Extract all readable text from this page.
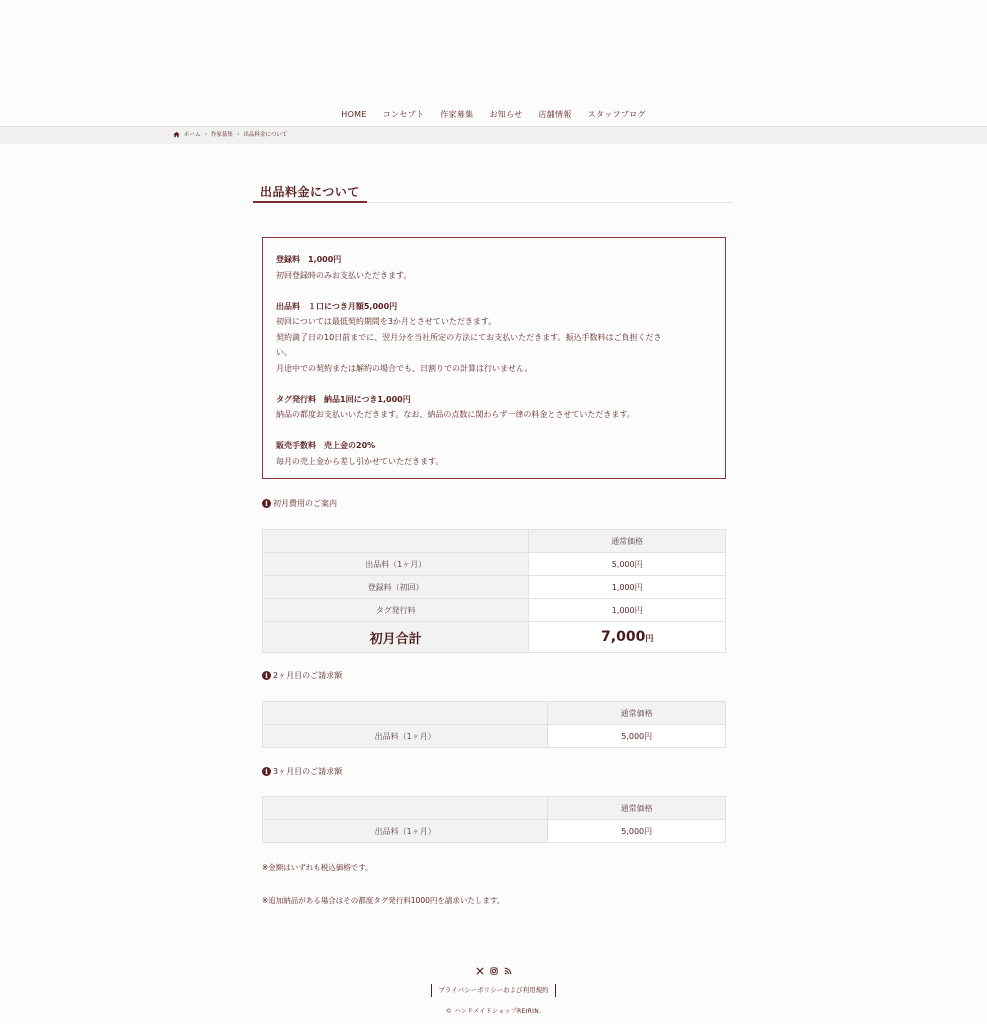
HOME	コンセプト	作家募集	お知らせ	店舗情報	スタッフブログ
ホーム › 作家募集 › 出品料金について
出品料金について
登録料　1,000円
初回登録時のみお支払いただきます。
出品料　１口につき月額5,000円
初回については最低契約期間を3か月とさせていただきます。
契約満了日の10日前までに、翌月分を当社所定の方法にてお支払いただきます。振込手数料はご負担くださ
い。
月途中での契約または解約の場合でも、日割りでの計算は行いません。
タグ発行料　納品1回につき1,000円
納品の都度お支払いいただきます。なお、納品の点数に関わらず一律の料金とさせていただきます。
販売手数料　売上金の20%
毎月の売上金から差し引かせていただきます。
i 初月費用のご案内
	通常価格
出品料（1ヶ月）	5,000円
登録料（初回）	1,000円
タグ発行料	1,000円
初月合計	7,000円
i 2ヶ月目のご請求額
	通常価格
出品料（1ヶ月）	5,000円
i 3ヶ月目のご請求額
	通常価格
出品料（1ヶ月）	5,000円
※金額はいずれも税込価格です。
※追加納品がある場合はその都度タグ発行料1000円を請求いたします。
プライバシーポリシーおよび利用規約
© ハンドメイドショップREIRIN.
